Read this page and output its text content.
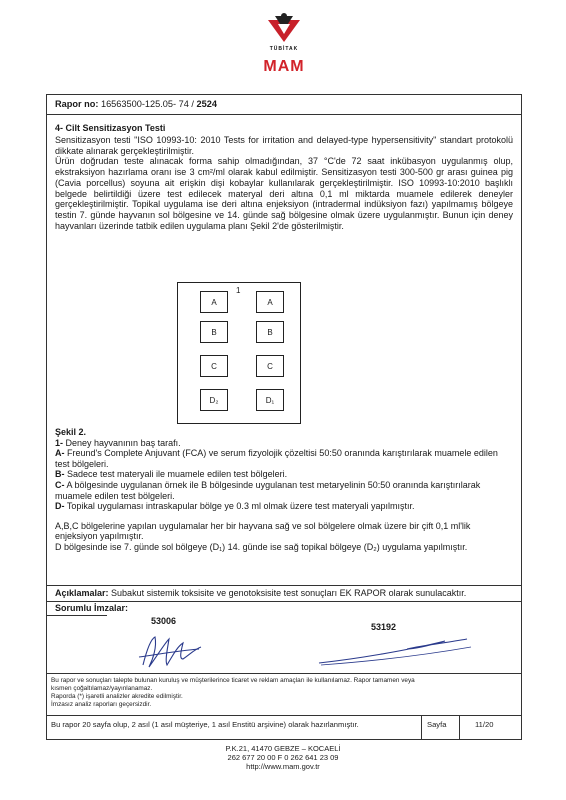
TÜBİTAK
MAM
Rapor no: 16563500-125.05- 74 / 2524
4- Cilt Sensitizasyon Testi

Sensitizasyon testi "ISO 10993-10: 2010 Tests for irritation and delayed-type hypersensitivity" standart protokolü dikkate alınarak gerçekleştirilmiştir.

Ürün doğrudan teste alınacak forma sahip olmadığından, 37 °C'de 72 saat inkübasyon uygulanmış olup, ekstraksiyon hazırlama oranı ise 3 cm²/ml olarak kabul edilmiştir. Sensitizasyon testi 300-500 gr arası guinea pig (Cavia porcellus) soyuna ait erişkin dişi kobaylar kullanılarak gerçekleştirilmiştir. ISO 10993-10:2010 başlıklı belgede belirtildiği üzere test edilecek materyal deri altına 0,1 ml miktarda muamele edilerek deneyler gerçekleştirilmiştir. Topikal uygulama ise deri altına enjeksiyon (intradermal indüksiyon fazı) yapılmamış bölgeye testin 7. günde hayvanın sol bölgesine ve 14. günde sağ bölgesine olmak üzere uygulanmıştır. Bunun için deney hayvanları üzerinde tatbik edilen uygulama planı Şekil 2'de gösterilmiştir.

Şekil 2.

1- Deney hayvanının baş tarafı.

A- Freund's Complete Anjuvant (FCA) ve serum fizyolojik çözeltisi 50:50 oranında karıştırılarak muamele edilen test bölgeleri.

B- Sadece test materyali ile muamele edilen test bölgeleri.

C- A bölgesinde uygulanan örnek ile B bölgesinde uygulanan test metaryelinin 50:50 oranında karıştırılarak muamele edilen test bölgeleri.

D- Topikal uygulaması intraskapular bölge ye 0.3 ml olmak üzere test materyali yapılmıştır.

A,B,C bölgelerine yapılan uygulamalar her bir hayvana sağ ve sol bölgelere olmak üzere bir çift 0,1 ml'lik enjeksiyon yapılmıştır.

D bölgesinde ise 7. günde sol bölgeye (D₁) 14. günde ise sağ topikal bölgeye (D₂) uygulama yapılmıştır.

Açıklamalar: Subakut sistemik toksisite ve genotoksisite test sonuçları EK RAPOR olarak sunulacaktır.
Sorumlu İmzalar:
53006
53192
Bu rapor ve sonuçları talepte bulunan kuruluş ve müşterilerince ticaret ve reklam amaçları ile kullanılamaz. Rapor tamamen veya
kısmen çoğaltılamaz/yayınlanamaz.
Raporda (*) işaretli analizler akredite edilmiştir.
İmzasız analiz raporları geçersizdir.
Bu rapor 20 sayfa olup, 2 asıl (1 asıl müşteriye, 1 asıl Enstitü arşivine) olarak hazırlanmıştır.	Sayfa	11/20
1
A
B
C
D₂
A
B
C
D₁
P.K.21, 41470 GEBZE – KOCAELİ
262 677 20 00 F 0 262 641 23 09
http://www.mam.gov.tr
